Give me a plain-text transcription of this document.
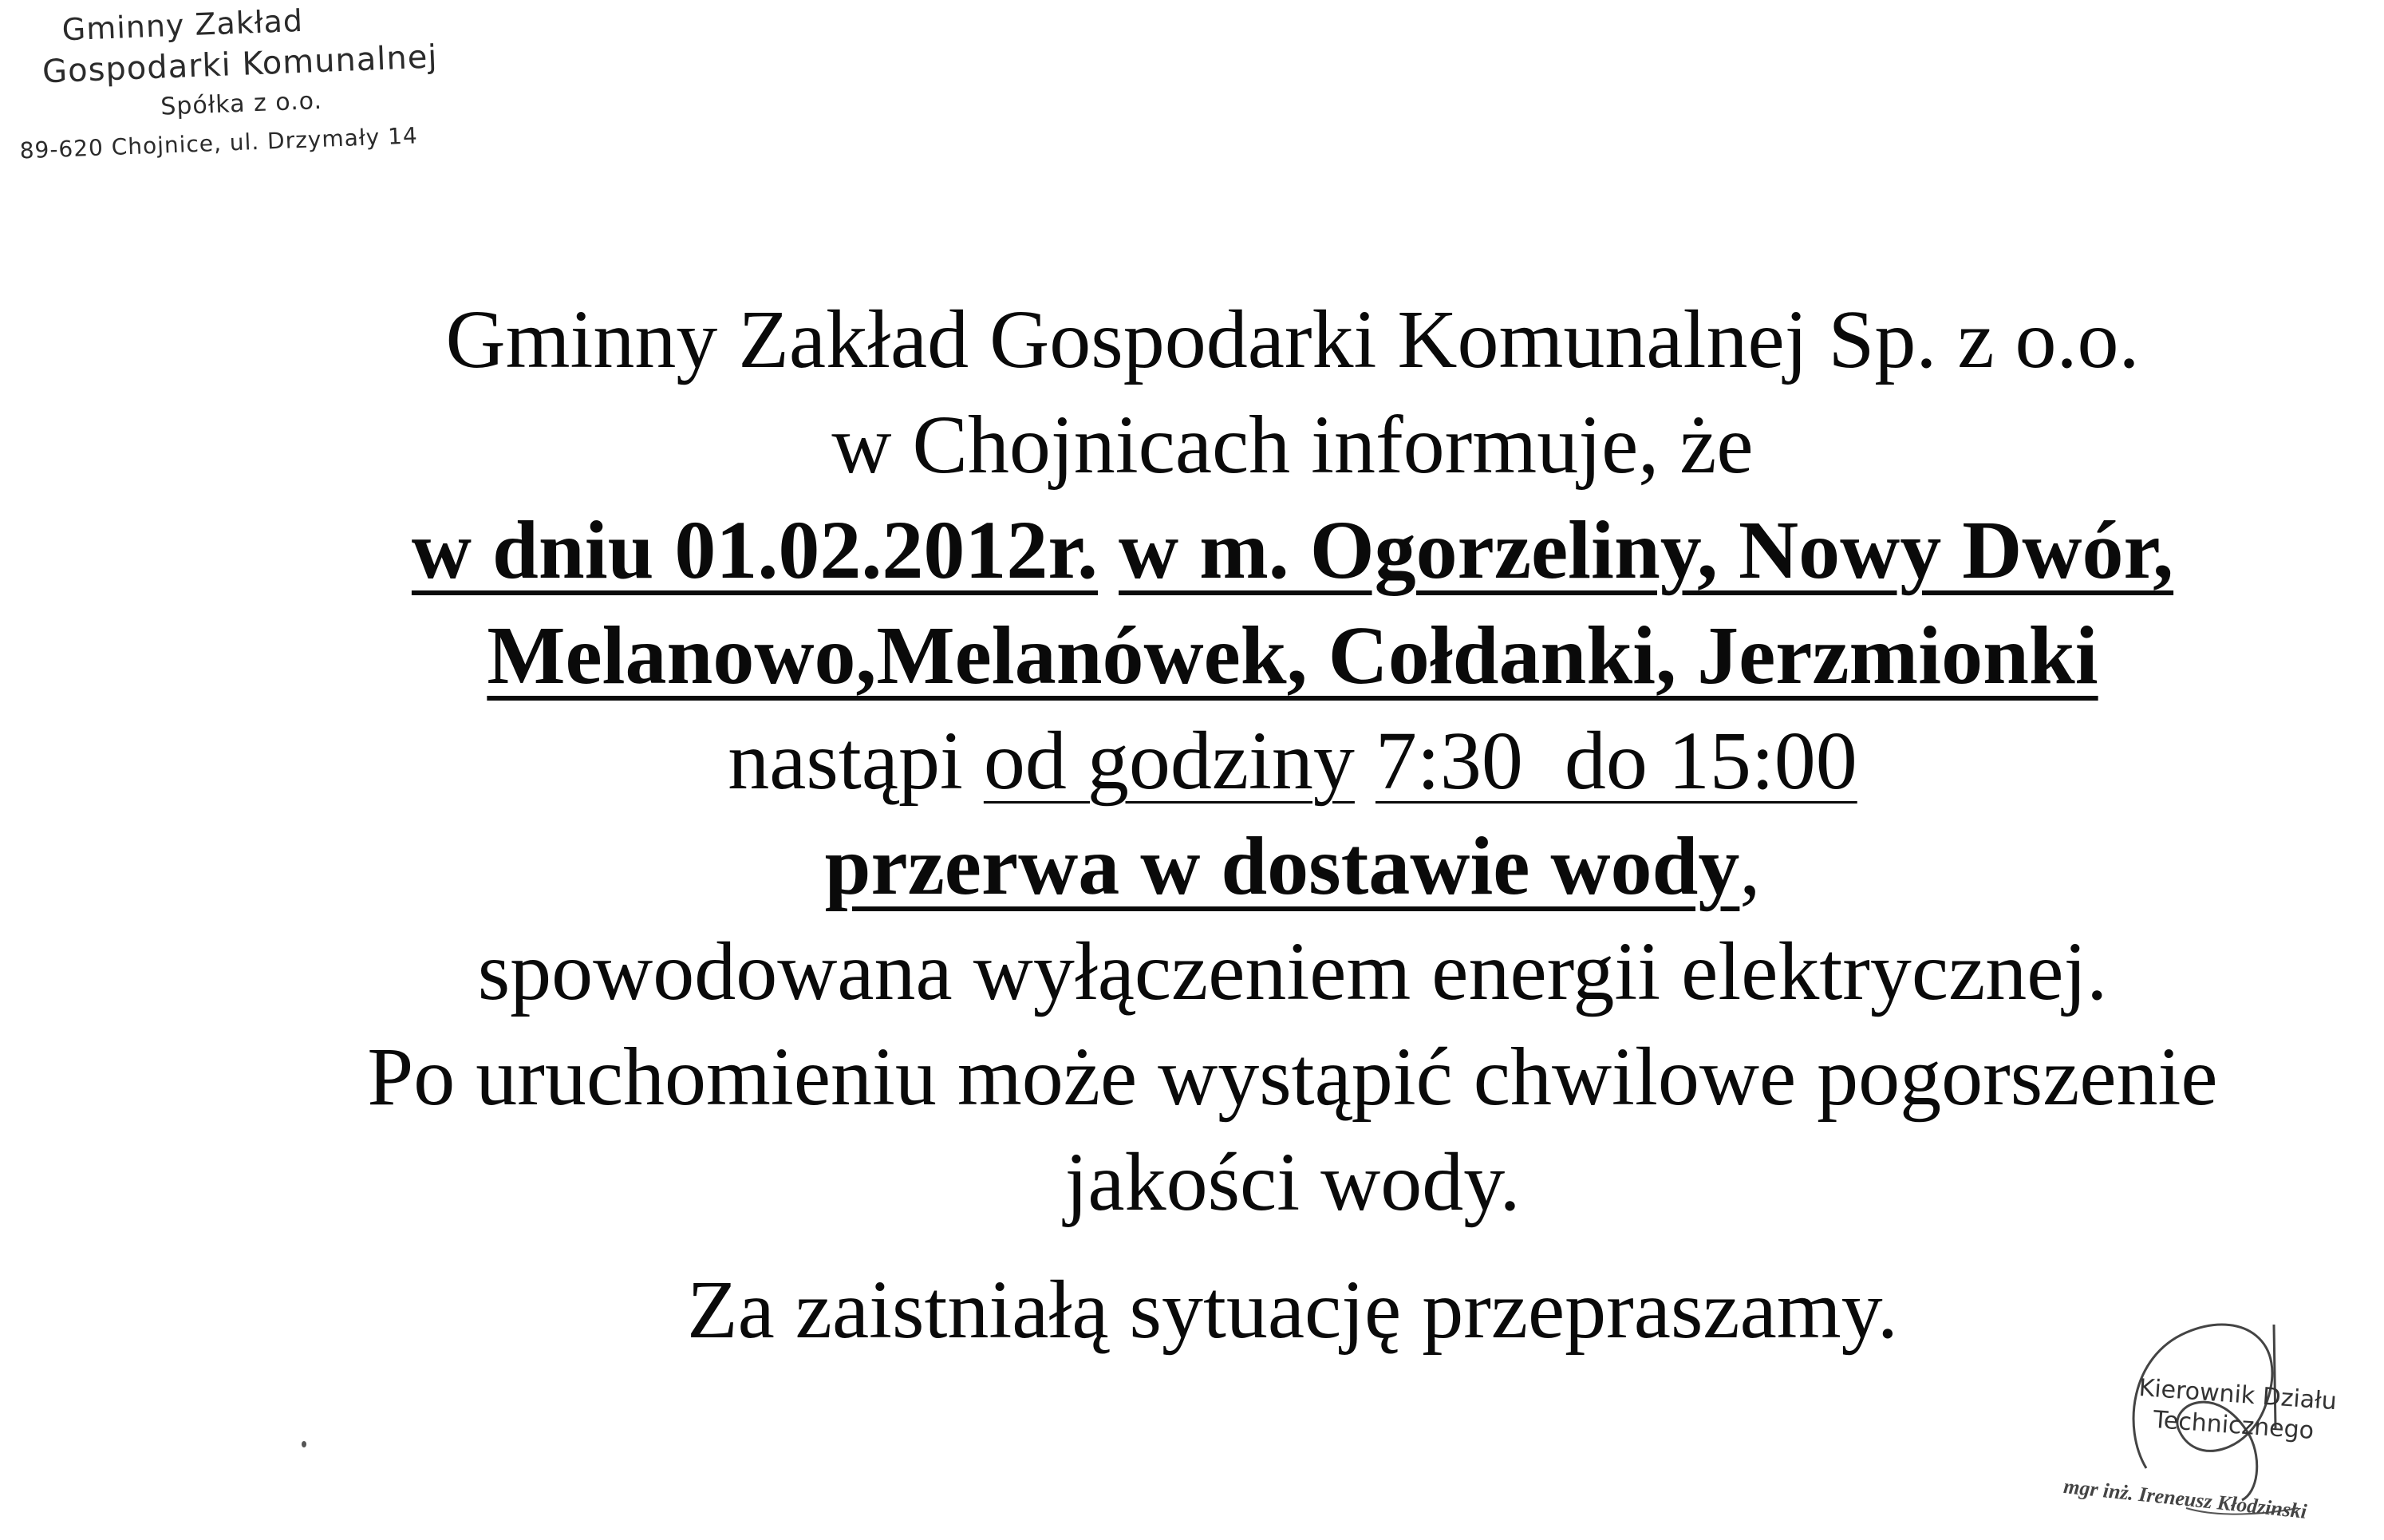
Gminny Zakład
Gospodarki Komunalnej
Spółka z o.o.
89-620 Chojnice, ul. Drzymały 14
Gminny Zakład Gospodarki Komunalnej Sp. z o.o.
w Chojnicach informuje, że
w dniu 01.02.2012r. w m. Ogorzeliny, Nowy Dwór,
Melanowo,Melanówek, Cołdanki, Jerzmionki
nastąpi od godziny 7:30  do 15:00
przerwa w dostawie wody,
spowodowana wyłączeniem energii elektrycznej.
Po uruchomieniu może wystąpić chwilowe pogorszenie
jakości wody.
Za zaistniałą sytuację przepraszamy.
Kierownik Działu
Technicznego
mgr inż. Ireneusz Kłodzinski
